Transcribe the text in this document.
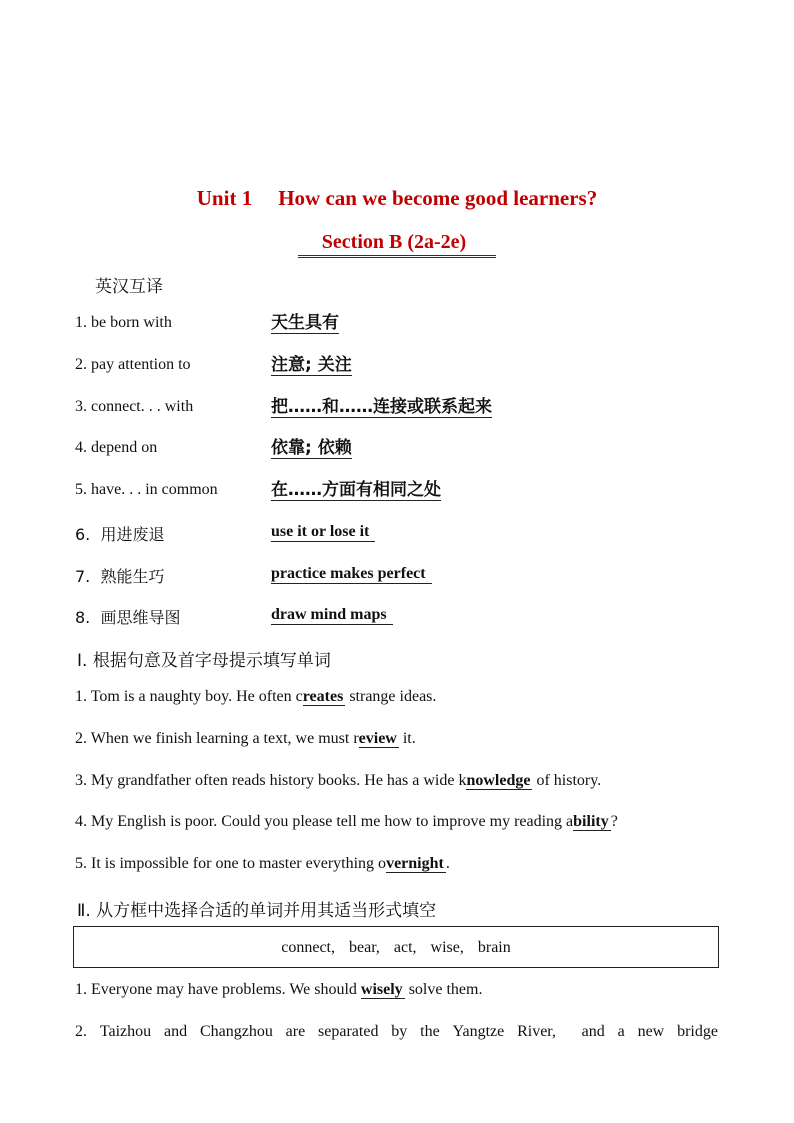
Unit 1 How can we become good learners?
Section B (2a-2e)
英汉互译
1. be born with	天生具有
2. pay attention to	注意; 关注
3. connect. . . with	把……和……连接或联系起来
4. depend on	依靠; 依赖
5. have. . . in common	在……方面有相同之处
6. 用进废退	use it or lose it
7. 熟能生巧	practice makes perfect
8. 画思维导图	draw mind maps
Ⅰ. 根据句意及首字母提示填写单词
1. Tom is a naughty boy. He often creates strange ideas.
2. When we finish learning a text, we must review it.
3. My grandfather often reads history books. He has a wide knowledge of history.
4. My English is poor. Could you please tell me how to improve my reading ability ?
5. It is impossible for one to master everything overnight .
Ⅱ. 从方框中选择合适的单词并用其适当形式填空
connect, bear, act, wise, brain
1. Everyone may have problems. We should wisely solve them.
2. Taizhou and Changzhou are separated by the Yangtze River, and a new bridge
